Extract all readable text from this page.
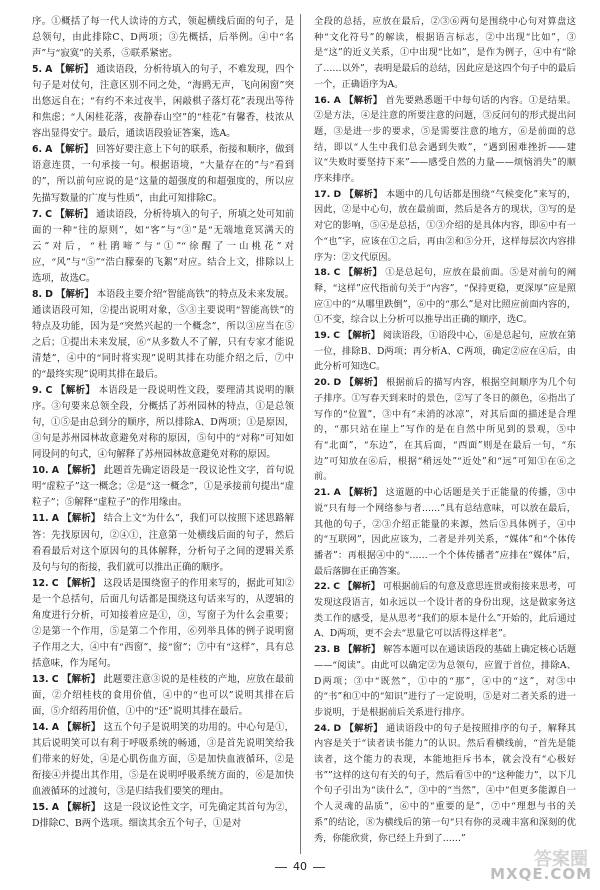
序。①概括了每一代人读诗的方式，领起横线后面的句子，是总领句，由此排除C、D两项；③先概括，后举例。④中“名声”与“寂寞”的关系，⑤联系紧密。

5. A 【解析】 通读语段，分析待填入的句子，不难发现，四个句子是对仗句，注意区别不同之处，“海鸥无声，飞向闲窗”突出悠远自在；“有约不来过夜半，闲敲棋子落灯花”表现出等待和焦虑；“人闲桂花落，夜静春山空”的“桂花”有馨香，枝浓从容出显得安宁。最后，通读语段验证答案，选A。

6. A 【解析】 回答好要注意上下句的联系，衔接和顺序，做到语意连贯，一句承接一句。根据语境，“大量存在的”与“看到的”，所以前句应说的是“这量的超强度的和超强度的，所以应先描写数量的广度与性质”，由此可知排除C。

7. C 【解析】 通读语段，分析待填入的句子，所填之处可知前面的一种“往的原则”，如“客”与“③”是“无端地竟冥满天的云”对后，“杜鹃啼”与“①”“徐醒了一山桃花”对应，“风”与“⑤”“浩白朦秦的飞絮”对应。结合上文，排除以上选项，故选C。

8. D 【解析】 本语段主要介绍“智能高铁”的特点及未来发展。通读语段可知，②提出说明对象，⑤③主要说明“智能高铁”的特点及功能，因为是“突然兴起的一个概念”，所以③应当在⑤之后；①提出未来发展，⑥“从多数人不了解，只有专家才能说清楚”，④中的“同时将实现”说明其排在功能介绍之后，⑦中的“最终实现”说明其排在最后。

9. C 【解析】 本语段是一段说明性文段，要理清其说明的顺序。③句要来总领全段，分概括了苏州园林的特点，①是总领句，①⑤是由总到分的顺序，所以排除A、D两项；①是原因，③句是苏州园林故意避免对称的原因，⑤句中的“对称”可知如同设问的句式，④句解释了苏州园林故意避免对称的原因。

10. A 【解析】 此题首先确定语段是一段议论性文字，首句说明“虚粒子”这一概念；②是“这一概念”，①是承接前句提出“虚粒子”；⑤解释“虚粒子”的作用缘由。

11. A 【解析】 结合上文“为什么”，我们可以按照下述思路解答：先找原因句，②④①，注意第一处横线后面的句子，然后看看最后对这个原因句的具体解释，分析句子之间的逻辑关系及句与句的衔接，我们就可以推出正确的顺序。

12. C 【解析】 这段话是围绕窗子的作用来写的，据此可知②是一个总括句，后面几句话都是围绕这句话来写的，从逻辑的角度进行分析，可知接着应是①，③，写窗子为什么会重要；②是第一个作用，⑤是第二个作用，⑥列举具体的例子说明窗子作用之大，④中有“西窗”，接“窗”；⑦中有“这样”，具有总括意味，作为尾句。

13. C 【解析】 此题要注意③说的是桂枝的产地，应放在最前面，②介绍桂枝的食用价值，④中的“也可以”说明其排在后面，⑤介绍药用价值，①中的“还”说明其排在最后。

14. A 【解析】 这五个句子是说明笑的功用的。中心句是①，其后说明笑可以有利于呼吸系统的畅通，③是首先说明笑给我们带来的好处，④是心肌伤血方面，⑤是加快血液循环，②是衔接④并提出其作用，⑤是在说明呼吸系统方面的，⑥是加快血液循环的过渡句，③是归结我们要笑的理由。

15. A 【解析】 这是一段议论性文字，可先确定其首句为②，D排除C、B两个选项。细读其余五个句子，①是对

全段的总括，应放在最后，②③⑥两句是围绕中心句对算盘这种“文化符号”的解读，根据语言标志，②中出现“比如”，③是“这”的近义关系，①中出现“比如”，是作为例子，④中有“除了……以外”，表明是最后的总结，因此应是这四个句子中的最后一个，正确语序为A。

16. A 【解析】 首先要熟悉题干中每句话的内容。①是结果。②是方法，④是注意的所要注意的问题，③反问句的形式提出问题，③是进一步的要求，⑤是需要注意的地方，⑥是前面的总结，即以“人生中我们总会遇到失败”，“遇到困难挫折——建议“失败时要坚持下来”——感受自然的力量——烦恼消失”的顺序来排序。

17. D 【解析】 本题中的几句话都是围绕“气候变化”来写的，因此，②是中心句，放在最前面，然后是各方的现状，③写的是对它的影响，⑤④是总括，①③介绍的是具体内容，即⑥中有一个“也”字，应该在①之后，再由②和⑤分开，这样每层次内容排序为：②文代原因。

18. C 【解析】 ①是总起句，应放在最前面。⑤是对前句的阐释，“这样”应代指前句关于“内容”，“保持更稳，更深厚”应是照应①中的“从哪里跌倒”，⑥中的“那么”是对比照应前面内容的，①不变，综合以上分析可以推导出正确的顺序，选C。

19. C 【解析】 阅读语段，①语段中心，⑥是总起句，应放在第一位，排除B、D两项；再分析A、C两项，确定②应在④后，由此分析可知选C。

20. D 【解析】 根据前后的描写内容，根据空间顺序为几个句子排序。①写春天到来时的景色，②写了冬日的颜色，⑥指出了写作的“位置”，③中有“未消的冰凉”，对其后面的描述是合理的，“那只站在崖上”写作的是在自然中所见到的景观，⑤中有“北面”，“东边”，在其后面，“西面”则是在最后一句，“东边”可知放在⑥后，根据“稍远处”“近处”和“远”可知①在⑥之前。

21. A 【解析】 这道题的中心话题是关于正能量的传播，③中说“只有每一个网络参与者……”具有总结意味，可以放在最后，其他的句子，②③介绍正能量的来源，然后⑤具体例子，④中的“互联网”，因此应该为，二者是并列关系，“媒体”和“个体传播者”：再根据④中的“……一个个体传播者”应排在“媒体”后，最后落脚在正确答案。

22. C 【解析】 可根据前后的句意及意思连贯或衔接来思考，可发现这段语言，如永远以一个设计者的身份出现，这是做家务这类工作的感受，是从思考“我们的原本是什么”开始的，此后通过A、D两项，更不会去“思量它可以活得这样老”。

23. B 【解析】 解答本题可以在通读语段的基础上确定核心话题——“阅读”。由此可以确定②为总领句，应置于首位，排除A、D两项；③中“既然”，①中的“那”，④中的“这”，对③中的“书”和①中的“知识”进行了一定说明，⑤是对二者关系的进一步说明，于是根据前后关系进行排序。

24. D 【解析】 通读语段中的句子是按照排序的句子，解释其内容是关于“读者读书能力”的认识。然后看横线前，“首先是能读者，这个能力的表现，本能地拒斥书本，就会没有“心极好书””这样的这句有关的句子，然后看⑤中的“这种能力”，以下几个句子引出为“读什么”，③中的“当然”，④中“但更多能源自一个人灵魂的品质”，⑥中的“重要的是”，⑦中“理想与书的关系”的结论，⑧为横线后的第一句“只有你的灵魂丰富和深刻的优秀，你能欣赏，你已经上升到了……”

40	答案圈
MXQE.COM
